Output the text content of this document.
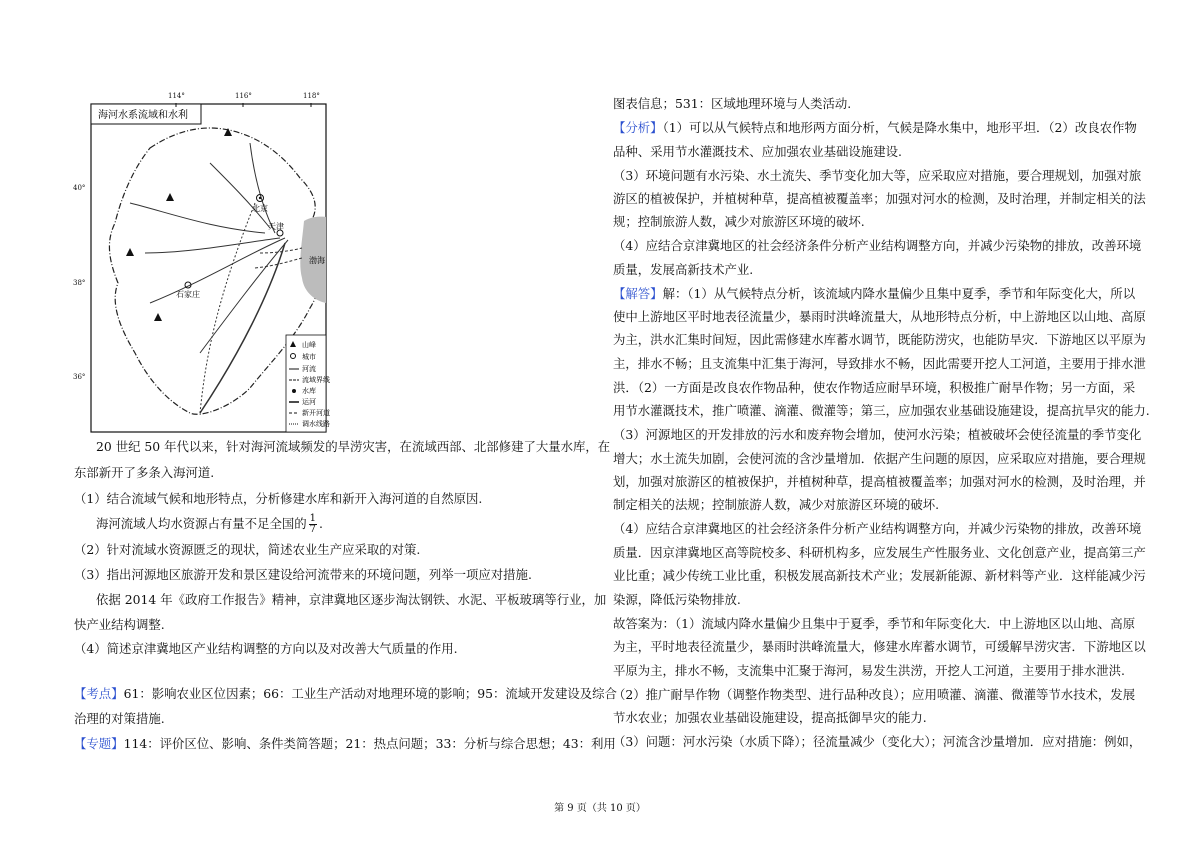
海河水系流域和水利
渤海
北京
天津
石家庄
山峰
城市
河流
流域界线
水库
运河
新开河道
调水线路
114°	116°	118°
40°
38°
36°
20 世纪 50 年代以来，针对海河流域频发的旱涝灾害，在流域西部、北部修建了大量水库，在
东部新开了多条入海河道.
（1）结合流域气候和地形特点，分析修建水库和新开入海河道的自然原因.
海河流域人均水资源占有量不足全国的 $\frac{1}{7}$ .
（2）针对流域水资源匮乏的现状，简述农业生产应采取的对策.
（3）指出河源地区旅游开发和景区建设给河流带来的环境问题，列举一项应对措施.
依据 2014 年《政府工作报告》精神，京津冀地区逐步淘汰钢铁、水泥、平板玻璃等行业，加
快产业结构调整.
（4）简述京津冀地区产业结构调整的方向以及对改善大气质量的作用.
【考点】61：影响农业区位因素；66：工业生产活动对地理环境的影响；95：流域开发建设及综合
治理的对策措施.
【专题】114：评价区位、影响、条件类简答题；21：热点问题；33：分析与综合思想；43：利用
图表信息；531：区域地理环境与人类活动.
【分析】（1）可以从气候特点和地形两方面分析，气候是降水集中，地形平坦．（2）改良农作物
品种、采用节水灌溉技术、应加强农业基础设施建设.
（3）环境问题有水污染、水土流失、季节变化加大等，应采取应对措施，要合理规划，加强对旅
游区的植被保护，并植树种草，提高植被覆盖率；加强对河水的检测，及时治理，并制定相关的法
规；控制旅游人数，减少对旅游区环境的破坏.
（4）应结合京津冀地区的社会经济条件分析产业结构调整方向，并减少污染物的排放，改善环境
质量，发展高新技术产业.
【解答】解：（1）从气候特点分析，该流域内降水量偏少且集中夏季，季节和年际变化大，所以
使中上游地区平时地表径流量少，暴雨时洪峰流量大，从地形特点分析，中上游地区以山地、高原
为主，洪水汇集时间短，因此需修建水库蓄水调节，既能防涝灾，也能防旱灾．下游地区以平原为
主，排水不畅；且支流集中汇集于海河，导致排水不畅，因此需要开挖人工河道，主要用于排水泄
洪．（2）一方面是改良农作物品种，使农作物适应耐旱环境，积极推广耐旱作物；另一方面，采
用节水灌溉技术，推广喷灌、滴灌、微灌等；第三，应加强农业基础设施建设，提高抗旱灾的能力.
（3）河源地区的开发排放的污水和废弃物会增加，使河水污染；植被破坏会使径流量的季节变化
增大；水土流失加剧，会使河流的含沙量增加．依据产生问题的原因，应采取应对措施，要合理规
划，加强对旅游区的植被保护，并植树种草，提高植被覆盖率；加强对河水的检测，及时治理，并
制定相关的法规；控制旅游人数，减少对旅游区环境的破坏.
（4）应结合京津冀地区的社会经济条件分析产业结构调整方向，并减少污染物的排放，改善环境
质量．因京津冀地区高等院校多、科研机构多，应发展生产性服务业、文化创意产业，提高第三产
业比重；减少传统工业比重，积极发展高新技术产业；发展新能源、新材料等产业．这样能减少污
染源，降低污染物排放.
故答案为：（1）流域内降水量偏少且集中于夏季，季节和年际变化大．中上游地区以山地、高原
为主，平时地表径流量少，暴雨时洪峰流量大，修建水库蓄水调节，可缓解旱涝灾害．下游地区以
平原为主，排水不畅，支流集中汇聚于海河，易发生洪涝，开挖人工河道，主要用于排水泄洪.
（2）推广耐旱作物（调整作物类型、进行品种改良）；应用喷灌、滴灌、微灌等节水技术，发展
节水农业；加强农业基础设施建设，提高抵御旱灾的能力.
（3）问题：河水污染（水质下降）；径流量减少（变化大）；河流含沙量增加．应对措施：例如，
第 9 页（共 10 页）
